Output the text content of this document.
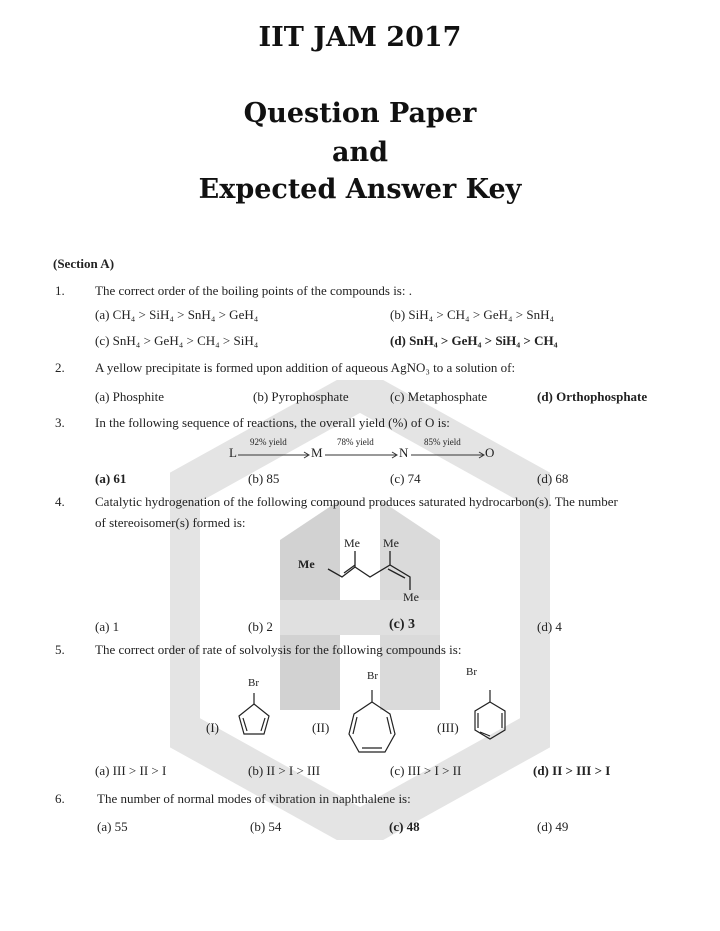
IIT JAM 2017
Question Paper
and
Expected Answer Key
(Section A)
1. The correct order of the boiling points of the compounds is: .
(a) CH₄ > SiH₄ > SnH₄ > GeH₄	(b) SiH₄ > CH₄ > GeH₄ > SnH₄
(c) SnH₄ > GeH₄ > CH₄ > SiH₄	(d) SnH₄ > GeH₄ > SiH₄ > CH₄
2. A yellow precipitate is formed upon addition of aqueous AgNO₃ to a solution of:
(a) Phosphite	(b) Pyrophosphate	(c) Metaphosphate	(d) Orthophosphate
3. In the following sequence of reactions, the overall yield (%) of O is:
L	M	N	O
92% yield	78% yield	85% yield
(a) 61	(b) 85	(c) 74	(d) 68
4. Catalytic hydrogenation of the following compound produces saturated hydrocarbon(s). The number
of stereoisomer(s) formed is:
Me Me
Me
Me
(a) 1	(b) 2	(c) 3	(d) 4
5. The correct order of rate of solvolysis for the following compounds is:
(I)	(II)	(III)
Br
Br	Br
(a) III > II > I	(b) II > I > III	(c) III > I > II	(d) II > III > I
6. The number of normal modes of vibration in naphthalene is:
(a) 55	(b) 54	(c) 48	(d) 49
